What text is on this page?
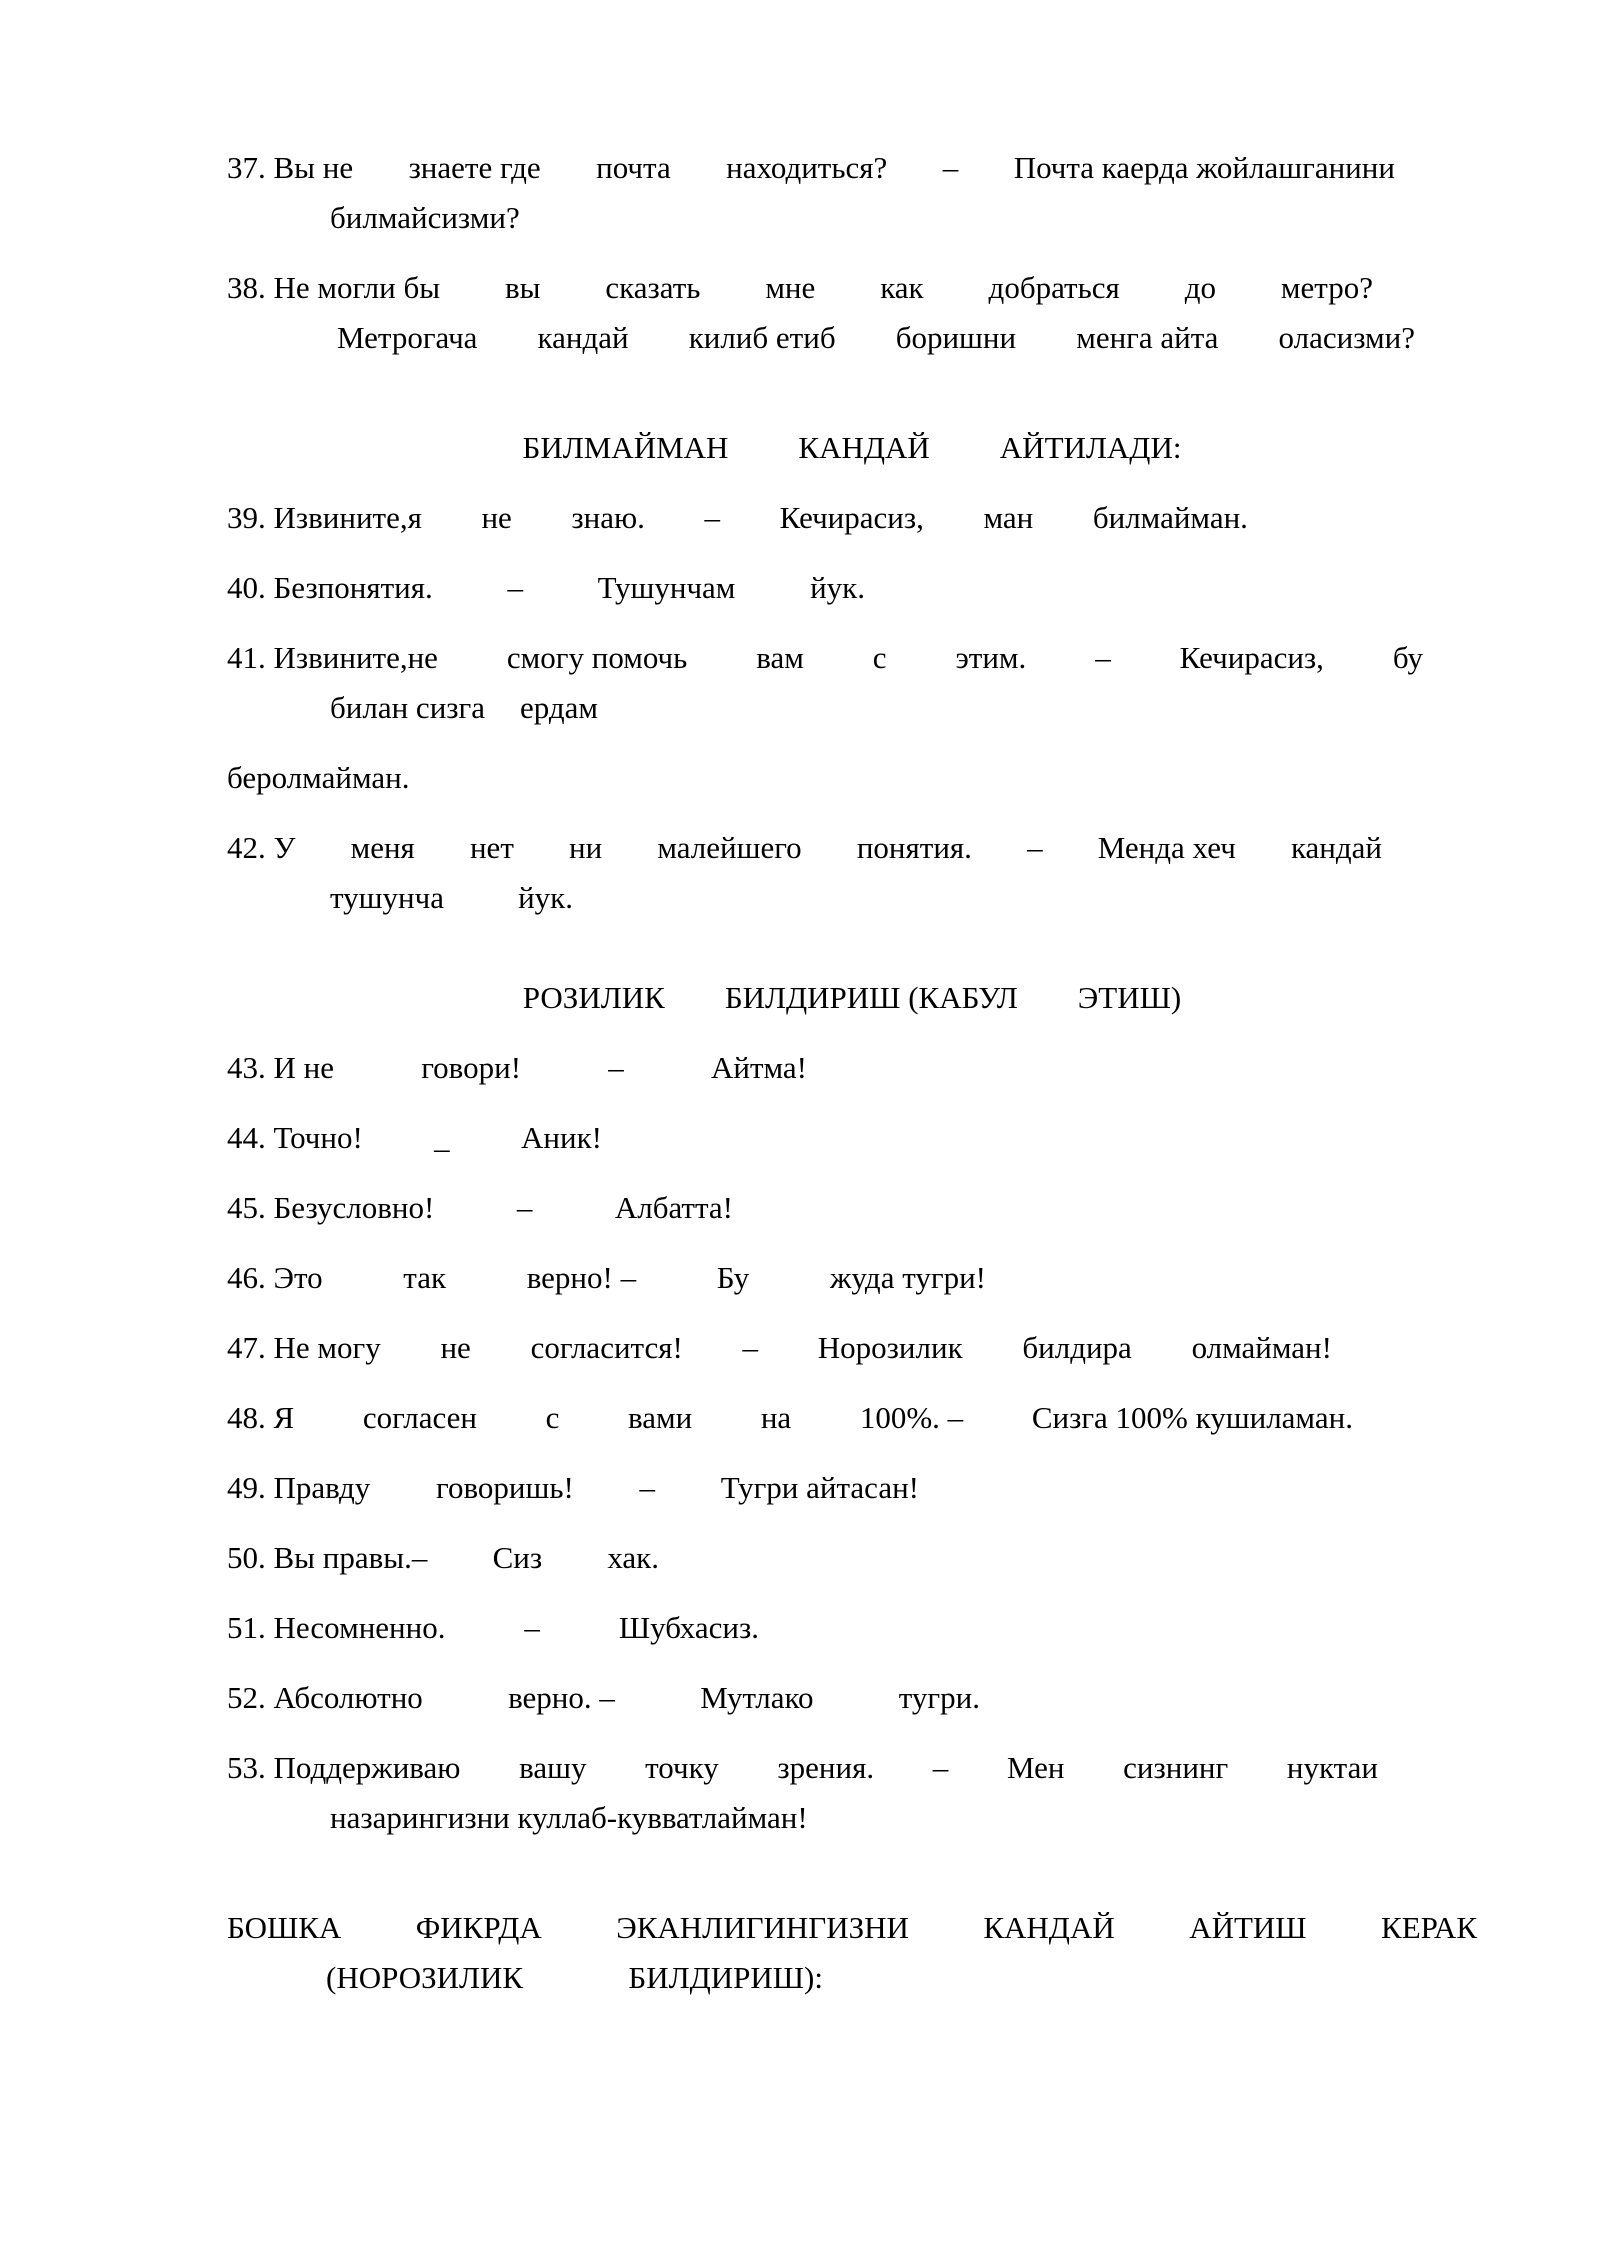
37. Вы не знаете где почта находиться? – Почта каерда жойлашганини
билмайсизми?
38. Не могли бы вы сказать мне как добраться до метро?
Метрогача кандай килиб етиб боришни менга айта оласизми?
БИЛМАЙМАН КАНДАЙ АЙТИЛАДИ:
39. Извините,я не знаю. – Кечирасиз, ман билмайман.
40. Безпонятия. – Тушунчам йук.
41. Извините,не смогу помочь вам с этим. – Кечирасиз, бу
билан сизга ердам
беролмайман.
42. У меня нет ни малейшего понятия. – Менда хеч кандай
тушунча йук.
РОЗИЛИК БИЛДИРИШ (КАБУЛ ЭТИШ)
43. И не	говори!	–	Айтма!
44. Точно! _ Аник!
45. Безусловно!	–	Албатта!
46. Это	так	верно! –	Бу	жуда тугри!
47. Не могу не согласится! – Норозилик билдира олмайман!
48. Я согласен с вами на 100%. – Сизга 100% кушиламан.
49. Правду говоришь! – Тугри айтасан!
50. Вы правы.– Сиз хак.
51. Несомненно.	–	Шубхасиз.
52. Абсолютно	верно. –	Мутлако	тугри.
53. Поддерживаю вашу точку зрения. – Мен сизнинг нуктаи
назарингизни куллаб-кувватлайман!
БОШКА ФИКРДА ЭКАНЛИГИНГИЗНИ КАНДАЙ АЙТИШ КЕРАК
(НОРОЗИЛИК	БИЛДИРИШ):
